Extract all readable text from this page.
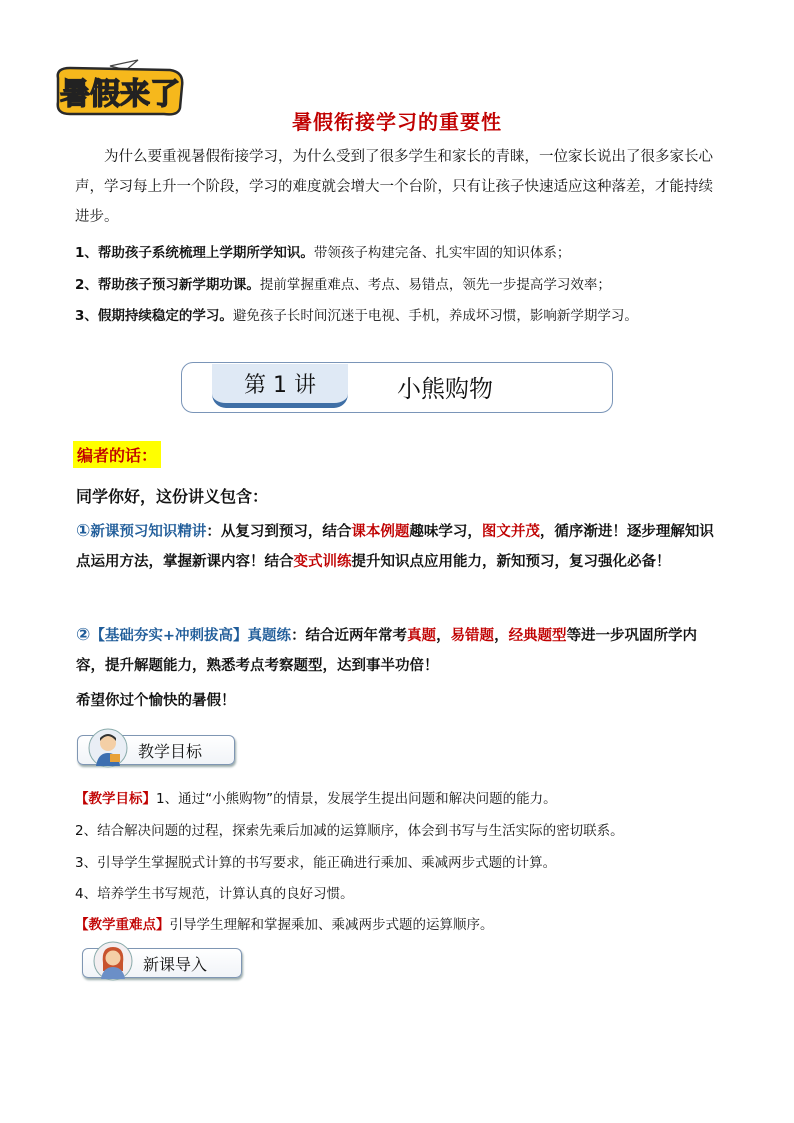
暑假来了
暑假衔接学习的重要性
为什么要重视暑假衔接学习，为什么受到了很多学生和家长的青睐，一位家长说出了很多家长心声，学习每上升一个阶段，学习的难度就会增大一个台阶，只有让孩子快速适应这种落差，才能持续进步。
1、帮助孩子系统梳理上学期所学知识。带领孩子构建完备、扎实牢固的知识体系；
2、帮助孩子预习新学期功课。提前掌握重难点、考点、易错点，领先一步提高学习效率；
3、假期持续稳定的学习。避免孩子长时间沉迷于电视、手机，养成坏习惯，影响新学期学习。
第 1 讲	小熊购物
编者的话：
同学你好，这份讲义包含：
①新课预习知识精讲：从复习到预习，结合课本例题趣味学习，图文并茂，循序渐进！逐步理解知识点运用方法，掌握新课内容！结合变式训练提升知识点应用能力，新知预习，复习强化必备！
②【基础夯实+冲刺拔高】真题练：结合近两年常考真题，易错题，经典题型等进一步巩固所学内容，提升解题能力，熟悉考点考察题型，达到事半功倍！
希望你过个愉快的暑假！
教学目标
【教学目标】1、通过“小熊购物”的情景，发展学生提出问题和解决问题的能力。
2、结合解决问题的过程，探索先乘后加减的运算顺序，体会到书写与生活实际的密切联系。
3、引导学生掌握脱式计算的书写要求，能正确进行乘加、乘减两步式题的计算。
4、培养学生书写规范，计算认真的良好习惯。
【教学重难点】引导学生理解和掌握乘加、乘减两步式题的运算顺序。
新课导入
